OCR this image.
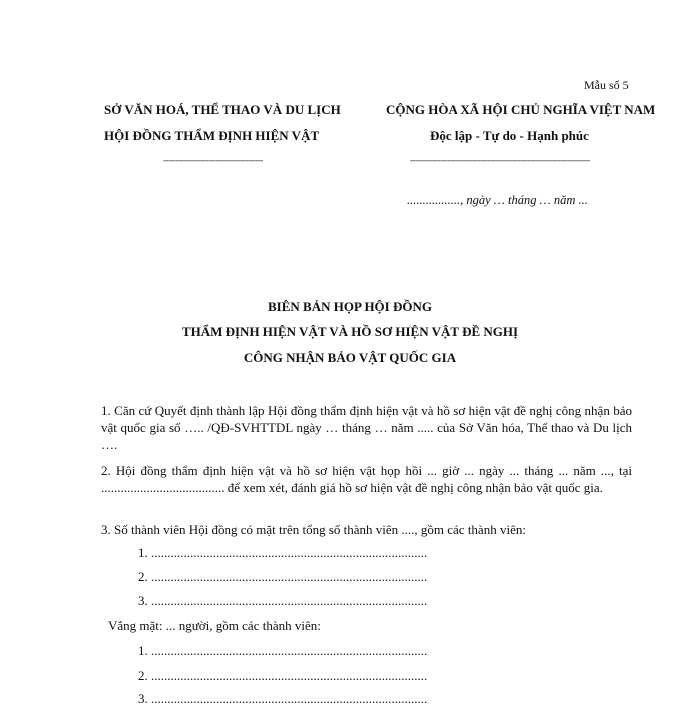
Mẫu số 5
SỞ VĂN HOÁ, THỂ THAO VÀ DU LỊCH
HỘI ĐỒNG THẨM ĐỊNH HIỆN VẬT
----------------------------------------
CỘNG HÒA XÃ HỘI CHỦ NGHĨA VIỆT NAM
Độc lập - Tự do - Hạnh phúc
------------------------------------------------------------------------
................., ngày … tháng … năm ...
BIÊN BẢN HỌP HỘI ĐỒNG
THẨM ĐỊNH HIỆN VẬT VÀ HỒ SƠ HIỆN VẬT ĐỀ NGHỊ
CÔNG NHẬN BẢO VẬT QUỐC GIA
1. Căn cứ Quyết định thành lập Hội đồng thẩm định hiện vật và hồ sơ hiện vật đề nghị công nhận bảo vật quốc gia số ….. /QĐ-SVHTTDL ngày … tháng … năm ..... của Sở Văn hóa, Thể thao và Du lịch ….
2. Hội đồng thẩm định hiện vật và hồ sơ hiện vật họp hồi ... giờ ... ngày ... tháng ... năm ..., tại ...................................... để xem xét, đánh giá hồ sơ hiện vật đề nghị công nhận bảo vật quốc gia.
3. Số thành viên Hội đồng có mặt trên tổng số thành viên ...., gồm các thành viên:
1. .....................................................................................
2. .....................................................................................
3. .....................................................................................
Vắng mặt: ... người, gồm các thành viên:
1. .....................................................................................
2. .....................................................................................
3. .....................................................................................
